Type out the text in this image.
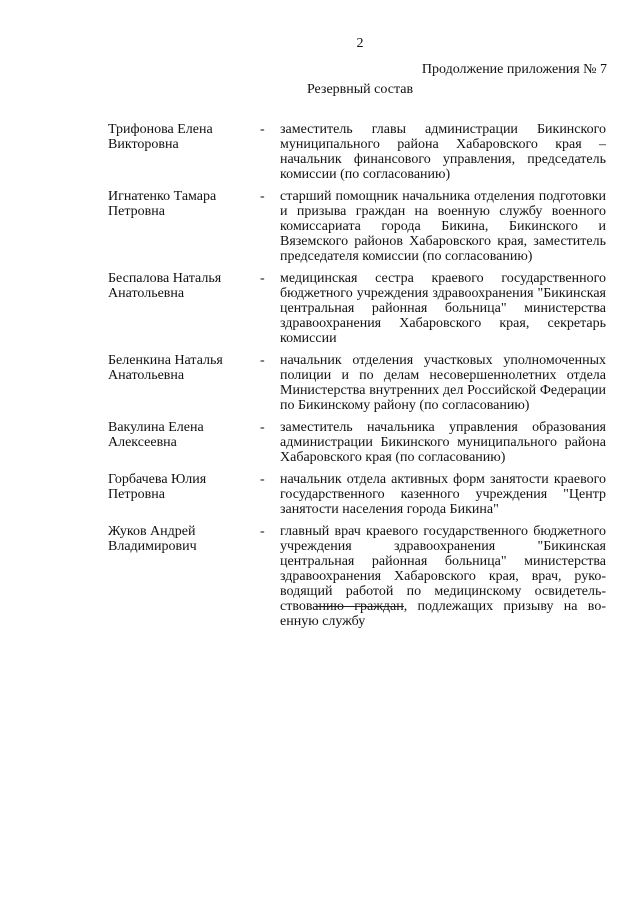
2
Продолжение приложения № 7
Резервный состав
Трифонова Елена
Викторовна
-	заместитель главы администрации Бикинского муниципального района Хабаровского края – начальник финансового управления, председатель комиссии (по согласованию)
Игнатенко Тамара
Петровна
-	старший помощник начальника отделения подготовки и призыва граждан на военную службу военного комиссариата города Бикина, Бикинского и Вяземского районов Хабаровского края, заместитель председателя комиссии (по согласованию)
Беспалова Наталья
Анатольевна
-	медицинская сестра краевого государственного бюджетного учреждения здравоохранения "Бикинская центральная районная больница" министерства здравоохранения Хабаровского края, секретарь комиссии
Беленкина Наталья
Анатольевна
-	начальник отделения участковых уполномоченных полиции и по делам несовершеннолетних отдела Министерства внутренних дел Российской Федерации по Бикинскому району (по согласованию)
Вакулина Елена
Алексеевна
-	заместитель начальника управления образования администрации Бикинского муниципального района Хабаровского края (по согласованию)
Горбачева Юлия
Петровна
-	начальник отдела активных форм занятости краевого государственного казенного учреждения "Центр занятости населения города Бикина"
Жуков Андрей
Владимирович
-	главный врач краевого государственного бюджетного учреждения здравоохранения "Бикинская центральная районная больница" министерства здравоохранения Хабаровского края, врач, руководящий работой по медицинскому освидетельствованию граждан, подлежащих призыву на военную службу
